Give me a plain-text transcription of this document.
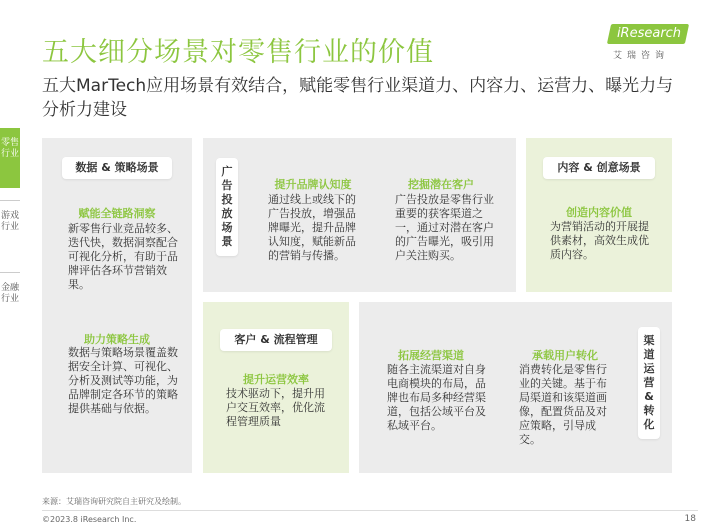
五大细分场景对零售行业的价值
五大MarTech应用场景有效结合，赋能零售行业渠道力、内容力、运营力、曝光力与分析力建设
iResearch
艾瑞咨询
零售行业
游戏行业
金融行业
数据 & 策略场景
赋能全链路洞察
新零售行业竞品较多、迭代快，数据洞察配合可视化分析，有助于品牌评估各环节营销效果。
助力策略生成
数据与策略场景覆盖数据安全计算、可视化、分析及测试等功能，为品牌制定各环节的策略提供基础与依据。
广告投放场景
提升品牌认知度
通过线上或线下的广告投放，增强品牌曝光，提升品牌认知度，赋能新品的营销与传播。
挖掘潜在客户
广告投放是零售行业重要的获客渠道之一，通过对潜在客户的广告曝光，吸引用户关注购买。
内容 & 创意场景
创造内容价值
为营销活动的开展提供素材，高效生成优质内容。
客户 & 流程管理
提升运营效率
技术驱动下，提升用户交互效率，优化流程管理质量
拓展经营渠道
随各主流渠道对自身电商模块的布局，品牌也布局多种经营渠道，包括公域平台及私域平台。
承载用户转化
消费转化是零售行业的关键。基于布局渠道和该渠道画像，配置货品及对应策略，引导成交。
渠道运营&转化
来源：艾瑞咨询研究院自主研究及绘制。
©2023.8 iResearch Inc.	18
